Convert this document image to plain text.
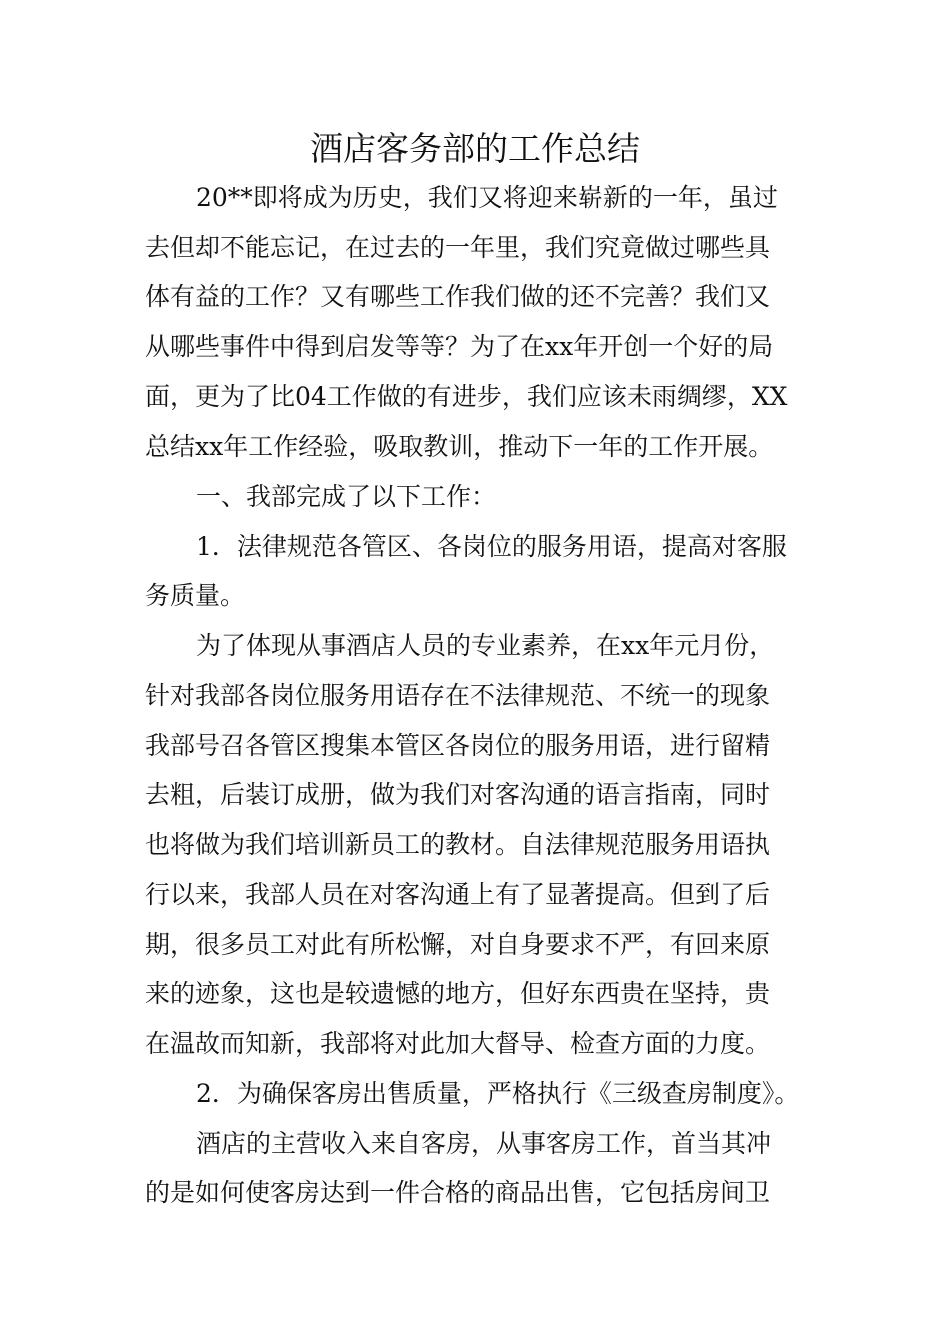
酒店客务部的工作总结
20**即将成为历史，我们又将迎来崭新的一年，虽过
去但却不能忘记，在过去的一年里，我们究竟做过哪些具
体有益的工作？又有哪些工作我们做的还不完善？我们又
从哪些事件中得到启发等等？为了在xx年开创一个好的局
面，更为了比04工作做的有进步，我们应该未雨绸缪，XX
总结xx年工作经验，吸取教训，推动下一年的工作开展。
一、我部完成了以下工作：
1．法律规范各管区、各岗位的服务用语，提高对客服
务质量。
为了体现从事酒店人员的专业素养，在xx年元月份，
针对我部各岗位服务用语存在不法律规范、不统一的现象
我部号召各管区搜集本管区各岗位的服务用语，进行留精
去粗，后装订成册，做为我们对客沟通的语言指南，同时
也将做为我们培训新员工的教材。自法律规范服务用语执
行以来，我部人员在对客沟通上有了显著提高。但到了后
期，很多员工对此有所松懈，对自身要求不严，有回来原
来的迹象，这也是较遗憾的地方，但好东西贵在坚持，贵
在温故而知新，我部将对此加大督导、检查方面的力度。
2．为确保客房出售质量，严格执行《三级查房制度》。
酒店的主营收入来自客房，从事客房工作，首当其冲
的是如何使客房达到一件合格的商品出售，它包括房间卫
